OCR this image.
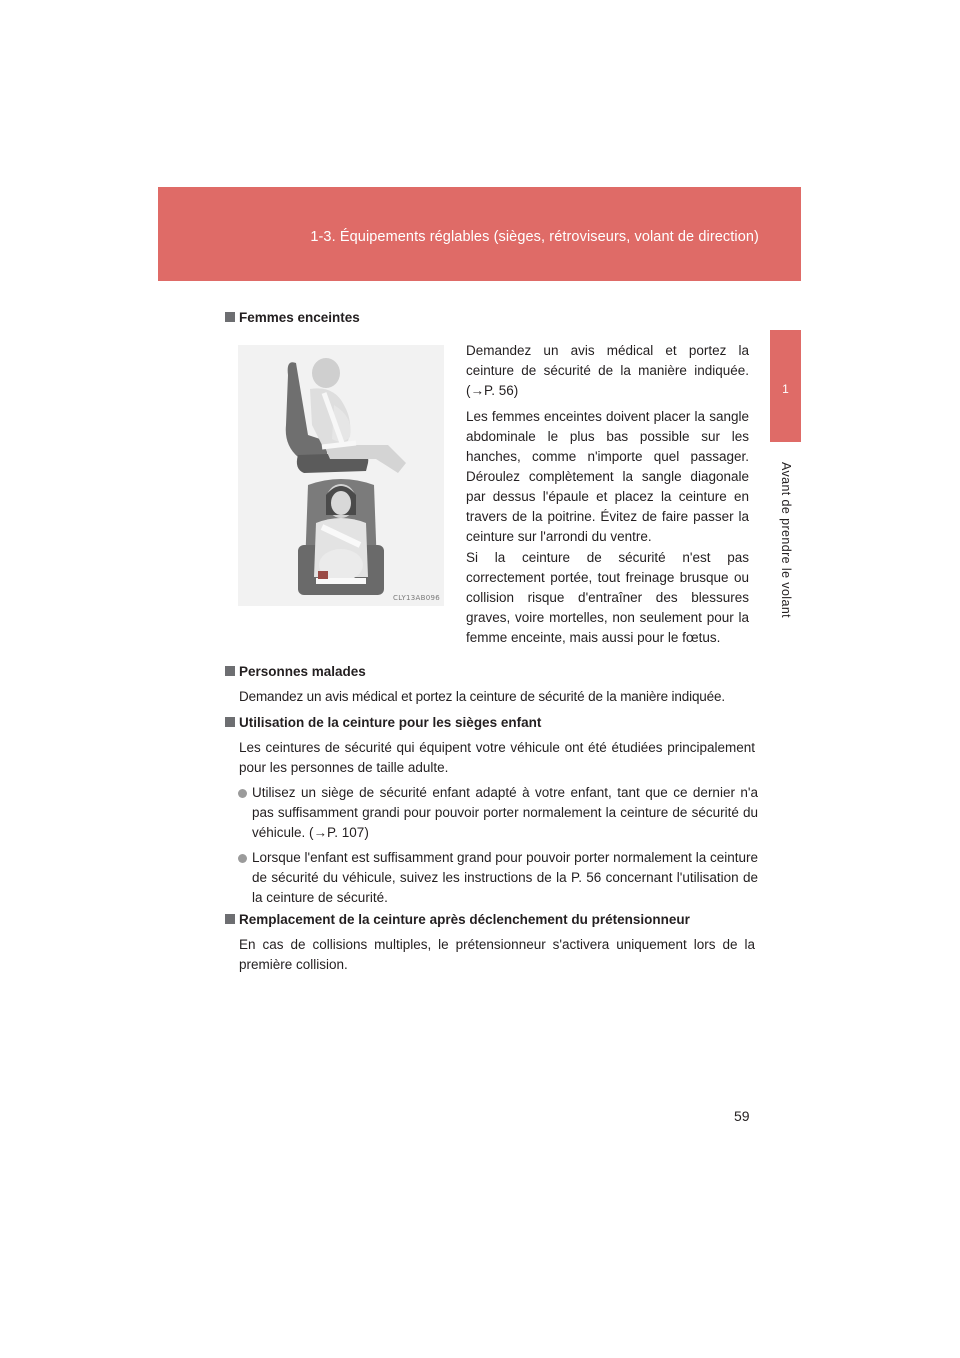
1-3. Équipements réglables (sièges, rétroviseurs, volant de direction)
1
Avant de prendre le volant
Femmes enceintes
CLY13AB096
Demandez un avis médical et portez la ceinture de sécurité de la manière indiquée. (→P. 56)
Les femmes enceintes doivent placer la sangle abdominale le plus bas possible sur les hanches, comme n'importe quel passager. Déroulez complètement la sangle diagonale par dessus l'épaule et placez la ceinture en travers de la poitrine. Évitez de faire passer la ceinture sur l'arrondi du ventre.
Si la ceinture de sécurité n'est pas correctement portée, tout freinage brusque ou collision risque d'entraîner des blessures graves, voire mortelles, non seulement pour la femme enceinte, mais aussi pour le fœtus.
Personnes malades
Demandez un avis médical et portez la ceinture de sécurité de la manière indiquée.
Utilisation de la ceinture pour les sièges enfant
Les ceintures de sécurité qui équipent votre véhicule ont été étudiées principalement pour les personnes de taille adulte.
Utilisez un siège de sécurité enfant adapté à votre enfant, tant que ce dernier n'a pas suffisamment grandi pour pouvoir porter normalement la ceinture de sécurité du véhicule. (→P. 107)
Lorsque l'enfant est suffisamment grand pour pouvoir porter normalement la ceinture de sécurité du véhicule, suivez les instructions de la P. 56 concernant l'utilisation de la ceinture de sécurité.
Remplacement de la ceinture après déclenchement du prétensionneur
En cas de collisions multiples, le prétensionneur s'activera uniquement lors de la première collision.
59
